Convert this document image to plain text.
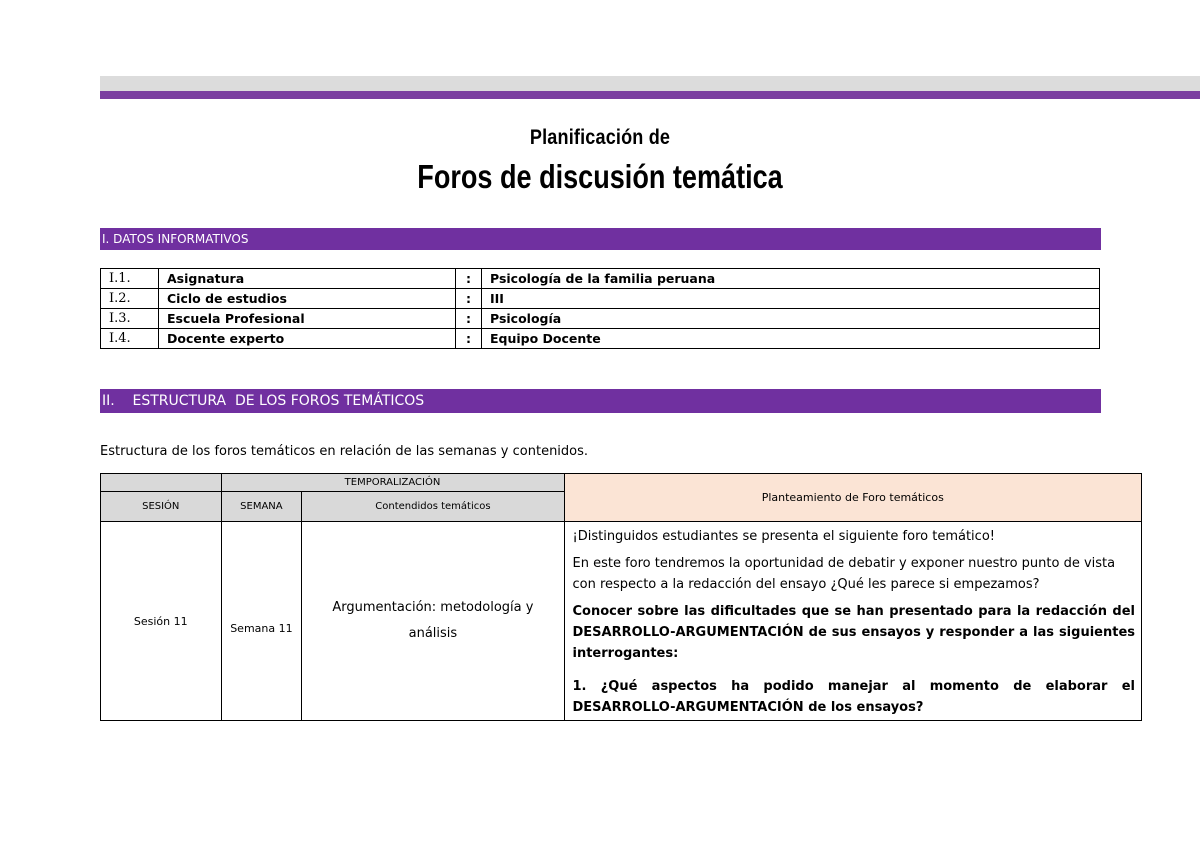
Planificación de
Foros de discusión temática
I. DATOS INFORMATIVOS
I.1.	Asignatura	:	Psicología de la familia peruana
I.2.	Ciclo de estudios	:	III
I.3.	Escuela Profesional	:	Psicología
I.4.	Docente experto	:	Equipo Docente
II.    ESTRUCTURA  DE LOS FOROS TEMÁTICOS
Estructura de los foros temáticos en relación de las semanas y contenidos.
	TEMPORALIZACIÓN		Planteamiento de Foro temáticos
SESIÓN	SEMANA	Contendidos temáticos	
Sesión 11	Semana 11	Argumentación: metodología y análisis	¡Distinguidos estudiantes se presenta el siguiente foro temático!

En este foro tendremos la oportunidad de debatir y exponer nuestro punto de vista con respecto a la redacción del ensayo ¿Qué les parece si empezamos?

Conocer sobre las dificultades que se han presentado para la redacción del DESARROLLO-ARGUMENTACIÓN de sus ensayos y responder a las siguientes interrogantes:

1. ¿Qué aspectos ha podido manejar al momento de elaborar el DESARROLLO-ARGUMENTACIÓN de los ensayos?
